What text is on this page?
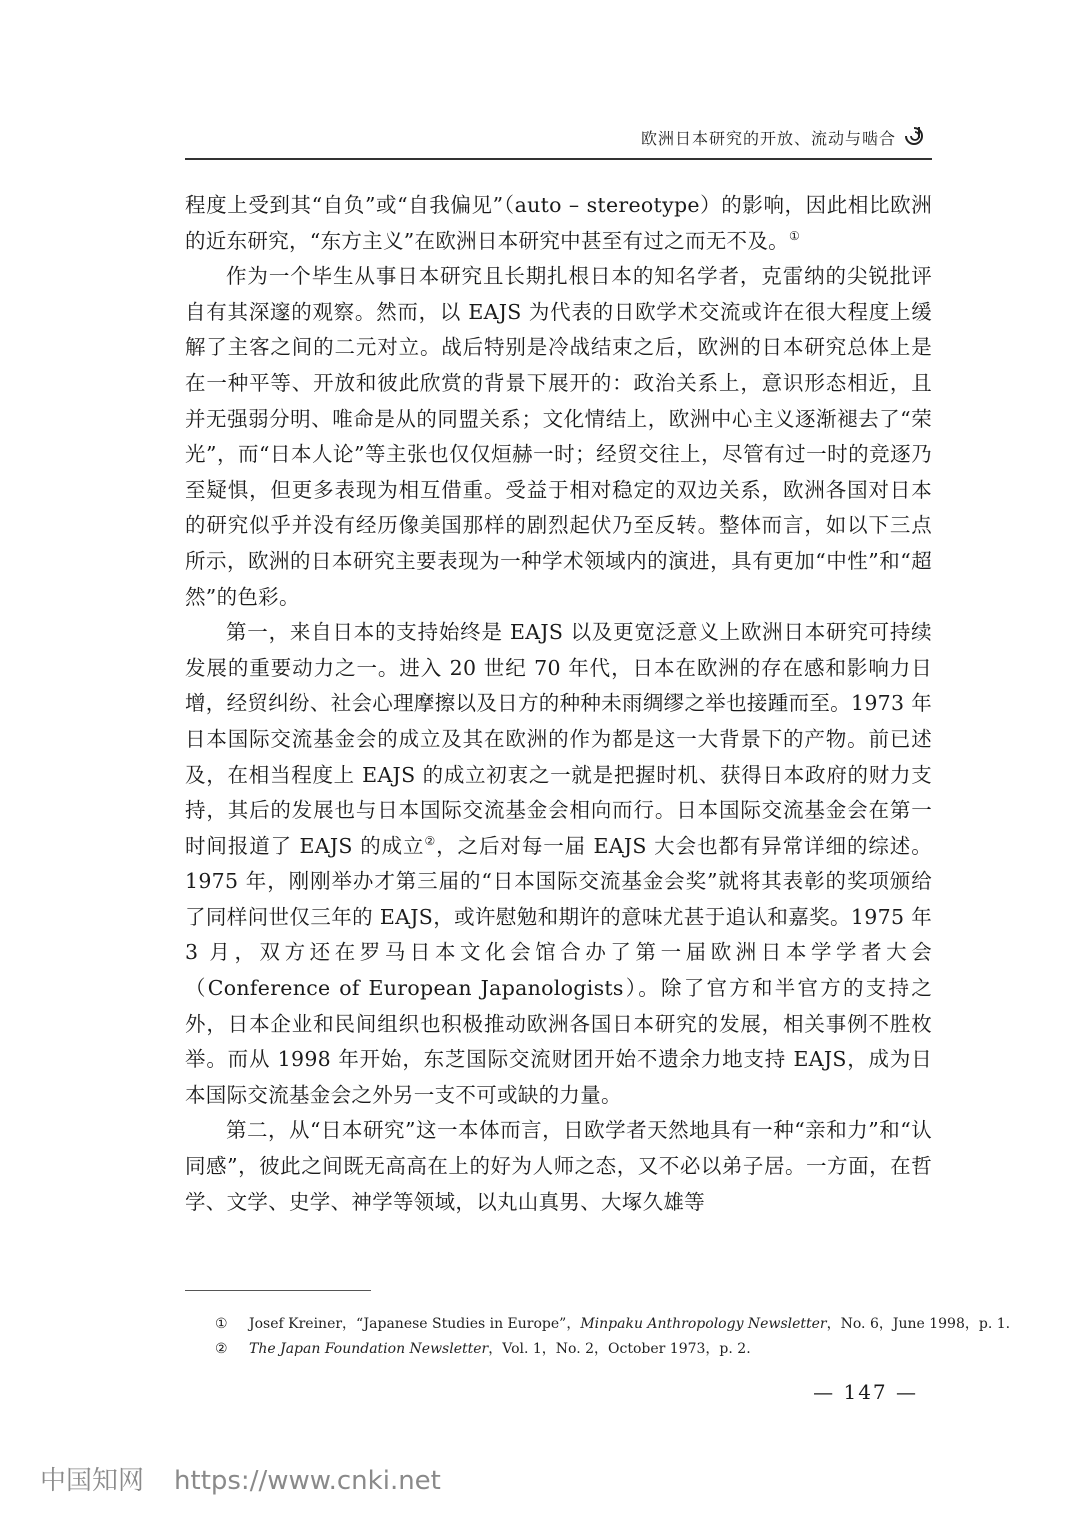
欧洲日本研究的开放、流动与啮合

程度上受到其“自负”或“自我偏见”（auto – stereotype）的影响，因此相比欧洲的近东研究，“东方主义”在欧洲日本研究中甚至有过之而无不及。①

作为一个毕生从事日本研究且长期扎根日本的知名学者，克雷纳的尖锐批评自有其深邃的观察。然而，以 EAJS 为代表的日欧学术交流或许在很大程度上缓解了主客之间的二元对立。战后特别是冷战结束之后，欧洲的日本研究总体上是在一种平等、开放和彼此欣赏的背景下展开的：政治关系上，意识形态相近，且并无强弱分明、唯命是从的同盟关系；文化情结上，欧洲中心主义逐渐褪去了“荣光”，而“日本人论”等主张也仅仅烜赫一时；经贸交往上，尽管有过一时的竞逐乃至疑惧，但更多表现为相互借重。受益于相对稳定的双边关系，欧洲各国对日本的研究似乎并没有经历像美国那样的剧烈起伏乃至反转。整体而言，如以下三点所示，欧洲的日本研究主要表现为一种学术领域内的演进，具有更加“中性”和“超然”的色彩。

第一，来自日本的支持始终是 EAJS 以及更宽泛意义上欧洲日本研究可持续发展的重要动力之一。进入 20 世纪 70 年代，日本在欧洲的存在感和影响力日增，经贸纠纷、社会心理摩擦以及日方的种种未雨绸缪之举也接踵而至。1973 年日本国际交流基金会的成立及其在欧洲的作为都是这一大背景下的产物。前已述及，在相当程度上 EAJS 的成立初衷之一就是把握时机、获得日本政府的财力支持，其后的发展也与日本国际交流基金会相向而行。日本国际交流基金会在第一时间报道了 EAJS 的成立②，之后对每一届 EAJS 大会也都有异常详细的综述。1975 年，刚刚举办才第三届的“日本国际交流基金会奖”就将其表彰的奖项颁给了同样问世仅三年的 EAJS，或许慰勉和期许的意味尤甚于追认和嘉奖。1975 年 3 月，双方还在罗马日本文化会馆合办了第一届欧洲日本学学者大会（Conference of European Japanologists）。除了官方和半官方的支持之外，日本企业和民间组织也积极推动欧洲各国日本研究的发展，相关事例不胜枚举。而从 1998 年开始，东芝国际交流财团开始不遗余力地支持 EAJS，成为日本国际交流基金会之外另一支不可或缺的力量。

第二，从“日本研究”这一本体而言，日欧学者天然地具有一种“亲和力”和“认同感”，彼此之间既无高高在上的好为人师之态，又不必以弟子居。一方面，在哲学、文学、史学、神学等领域，以丸山真男、大塚久雄等

① Josef Kreiner，“Japanese Studies in Europe”，Minpaku Anthropology Newsletter，No. 6，June 1998，p. 1.
② The Japan Foundation Newsletter，Vol. 1，No. 2，October 1973，p. 2.
— 147 —
中国知网 https://www.cnki.net
